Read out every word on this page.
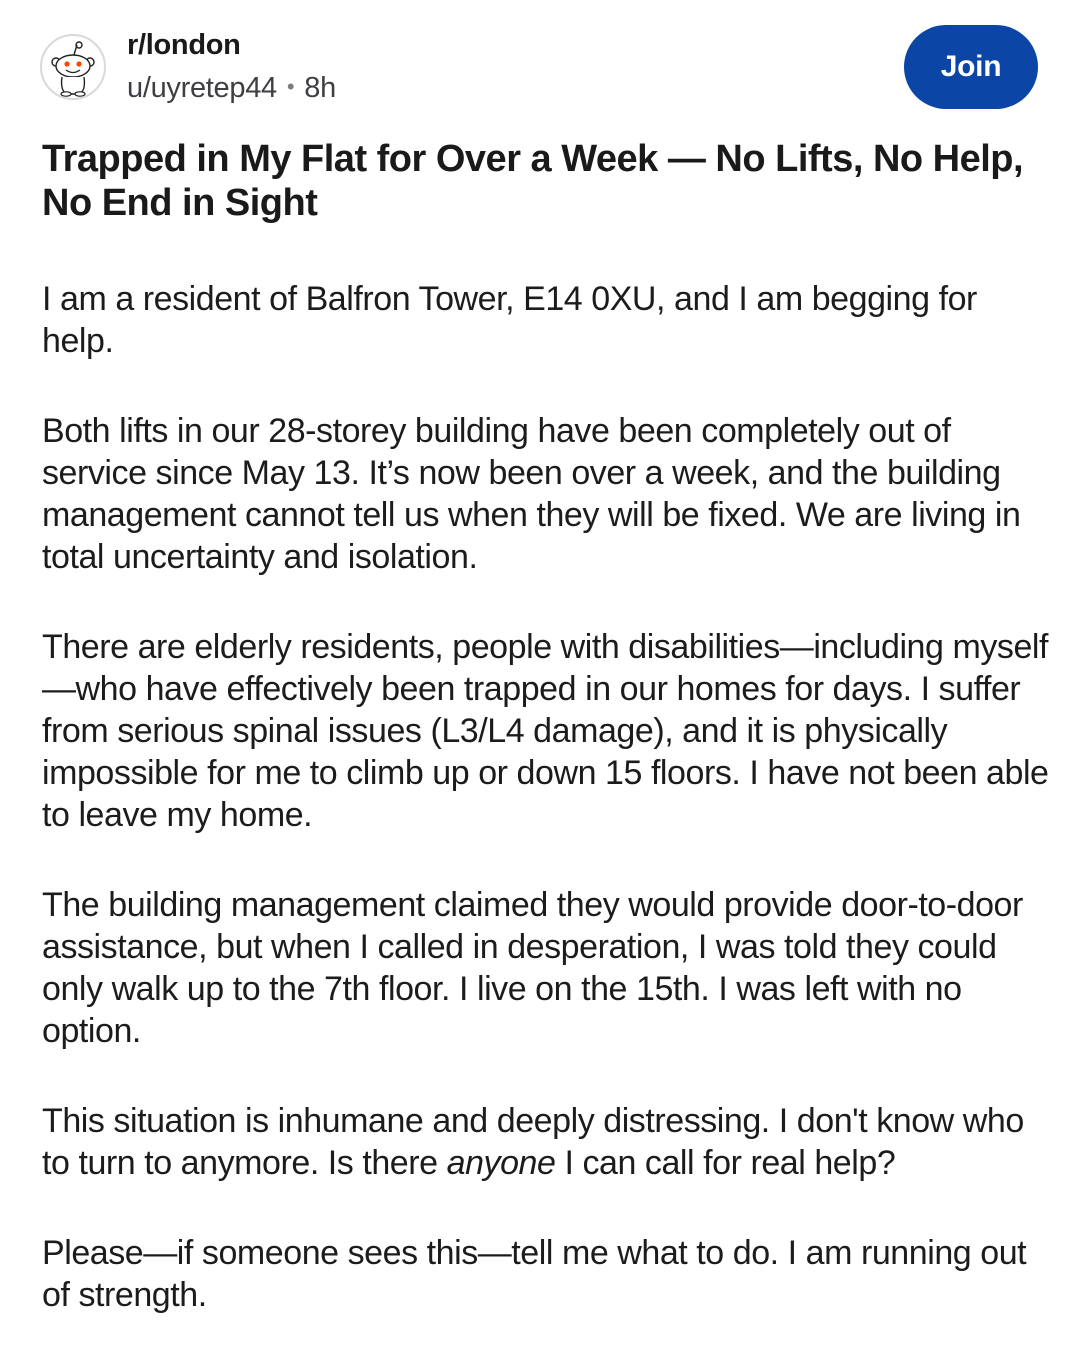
r/london
u/uyretep44 • 8h
Join
Trapped in My Flat for Over a Week — No Lifts, No Help, No End in Sight

I am a resident of Balfron Tower, E14 0XU, and I am begging for help.

Both lifts in our 28-storey building have been completely out of service since May 13. It’s now been over a week, and the building management cannot tell us when they will be fixed. We are living in total uncertainty and isolation.

There are elderly residents, people with disabilities—including myself—who have effectively been trapped in our homes for days. I suffer from serious spinal issues (L3/L4 damage), and it is physically impossible for me to climb up or down 15 floors. I have not been able to leave my home.

The building management claimed they would provide door-to-door assistance, but when I called in desperation, I was told they could only walk up to the 7th floor. I live on the 15th. I was left with no option.

This situation is inhumane and deeply distressing. I don't know who to turn to anymore. Is there anyone I can call for real help?

Please—if someone sees this—tell me what to do. I am running out of strength.
